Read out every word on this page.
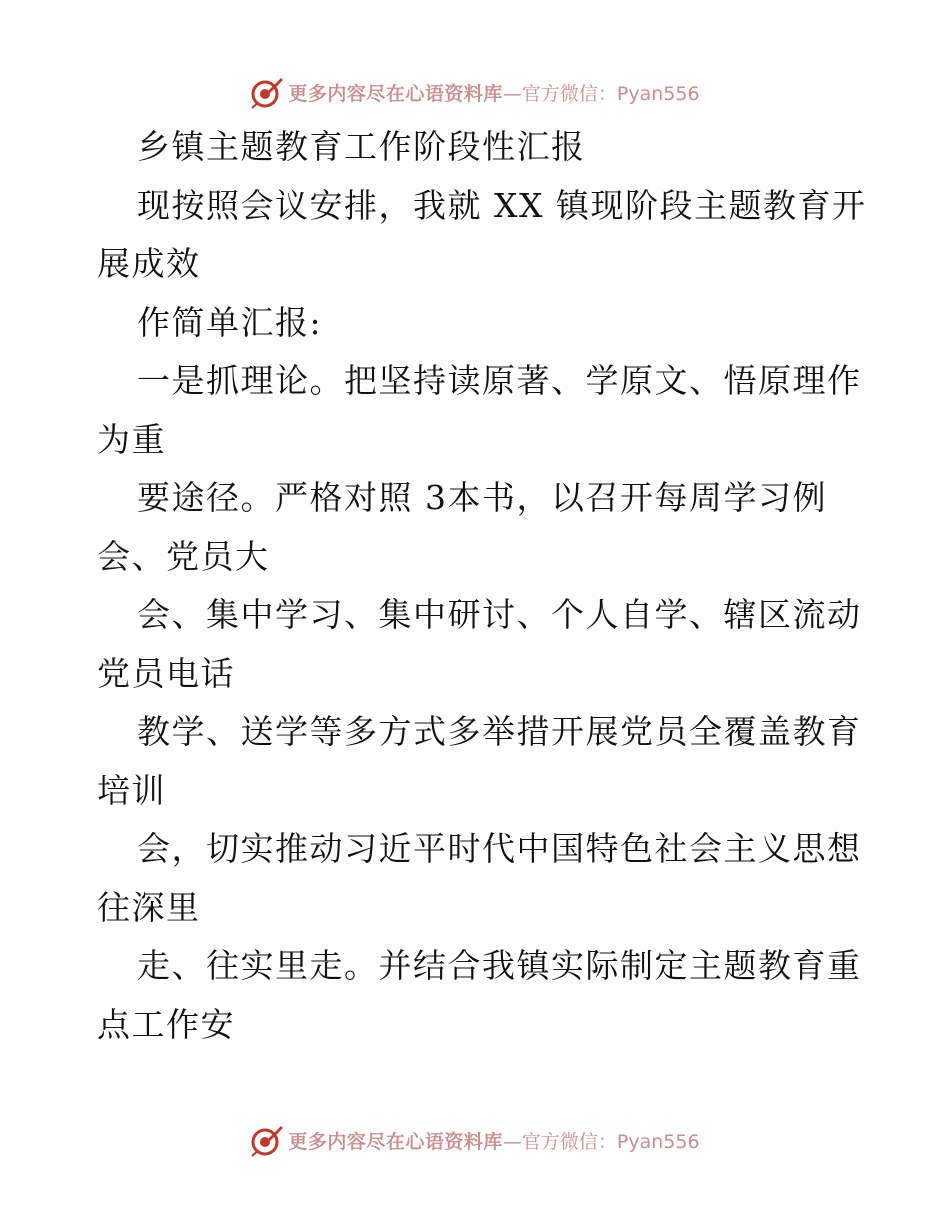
更多内容尽在心语资料库 —官方微信：Pyan556
乡镇主题教育工作阶段性汇报
现按照会议安排，我就 XX 镇现阶段主题教育开
展成效
作简单汇报:
一是抓理论。把坚持读原著、学原文、悟原理作
为重
要途径。严格对照 3本书，以召开每周学习例
会、党员大
会、集中学习、集中研讨、个人自学、辖区流动
党员电话
教学、送学等多方式多举措开展党员全覆盖教育
培训
会，切实推动习近平时代中国特色社会主义思想
往深里
走、往实里走。并结合我镇实际制定主题教育重
点工作安
更多内容尽在心语资料库 —官方微信：Pyan556
